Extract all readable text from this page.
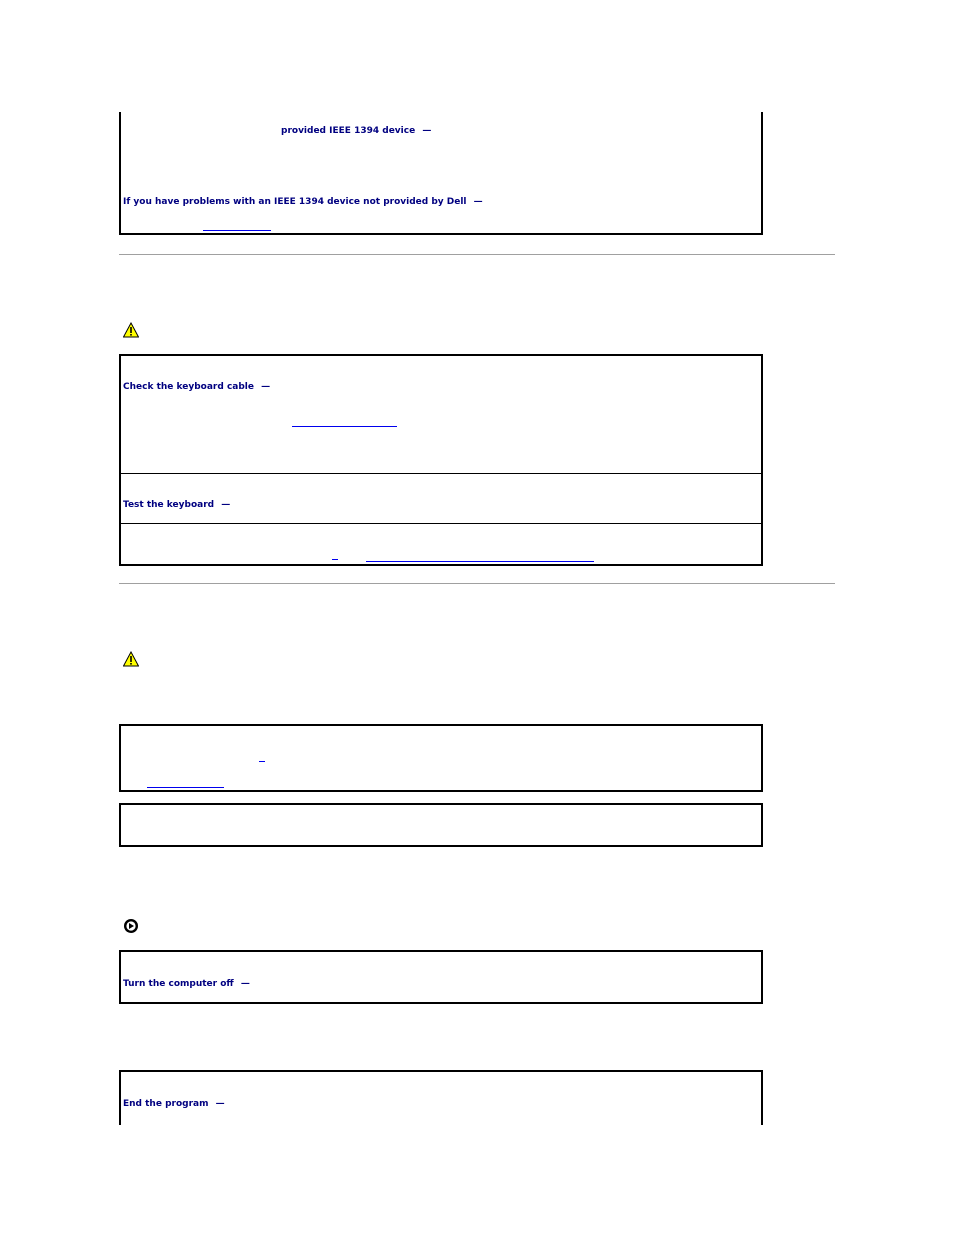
provided IEEE 1394 device —
If you have problems with an IEEE 1394 device not provided by Dell —
Check the keyboard cable —
Test the keyboard —
Turn the computer off —
End the program —
